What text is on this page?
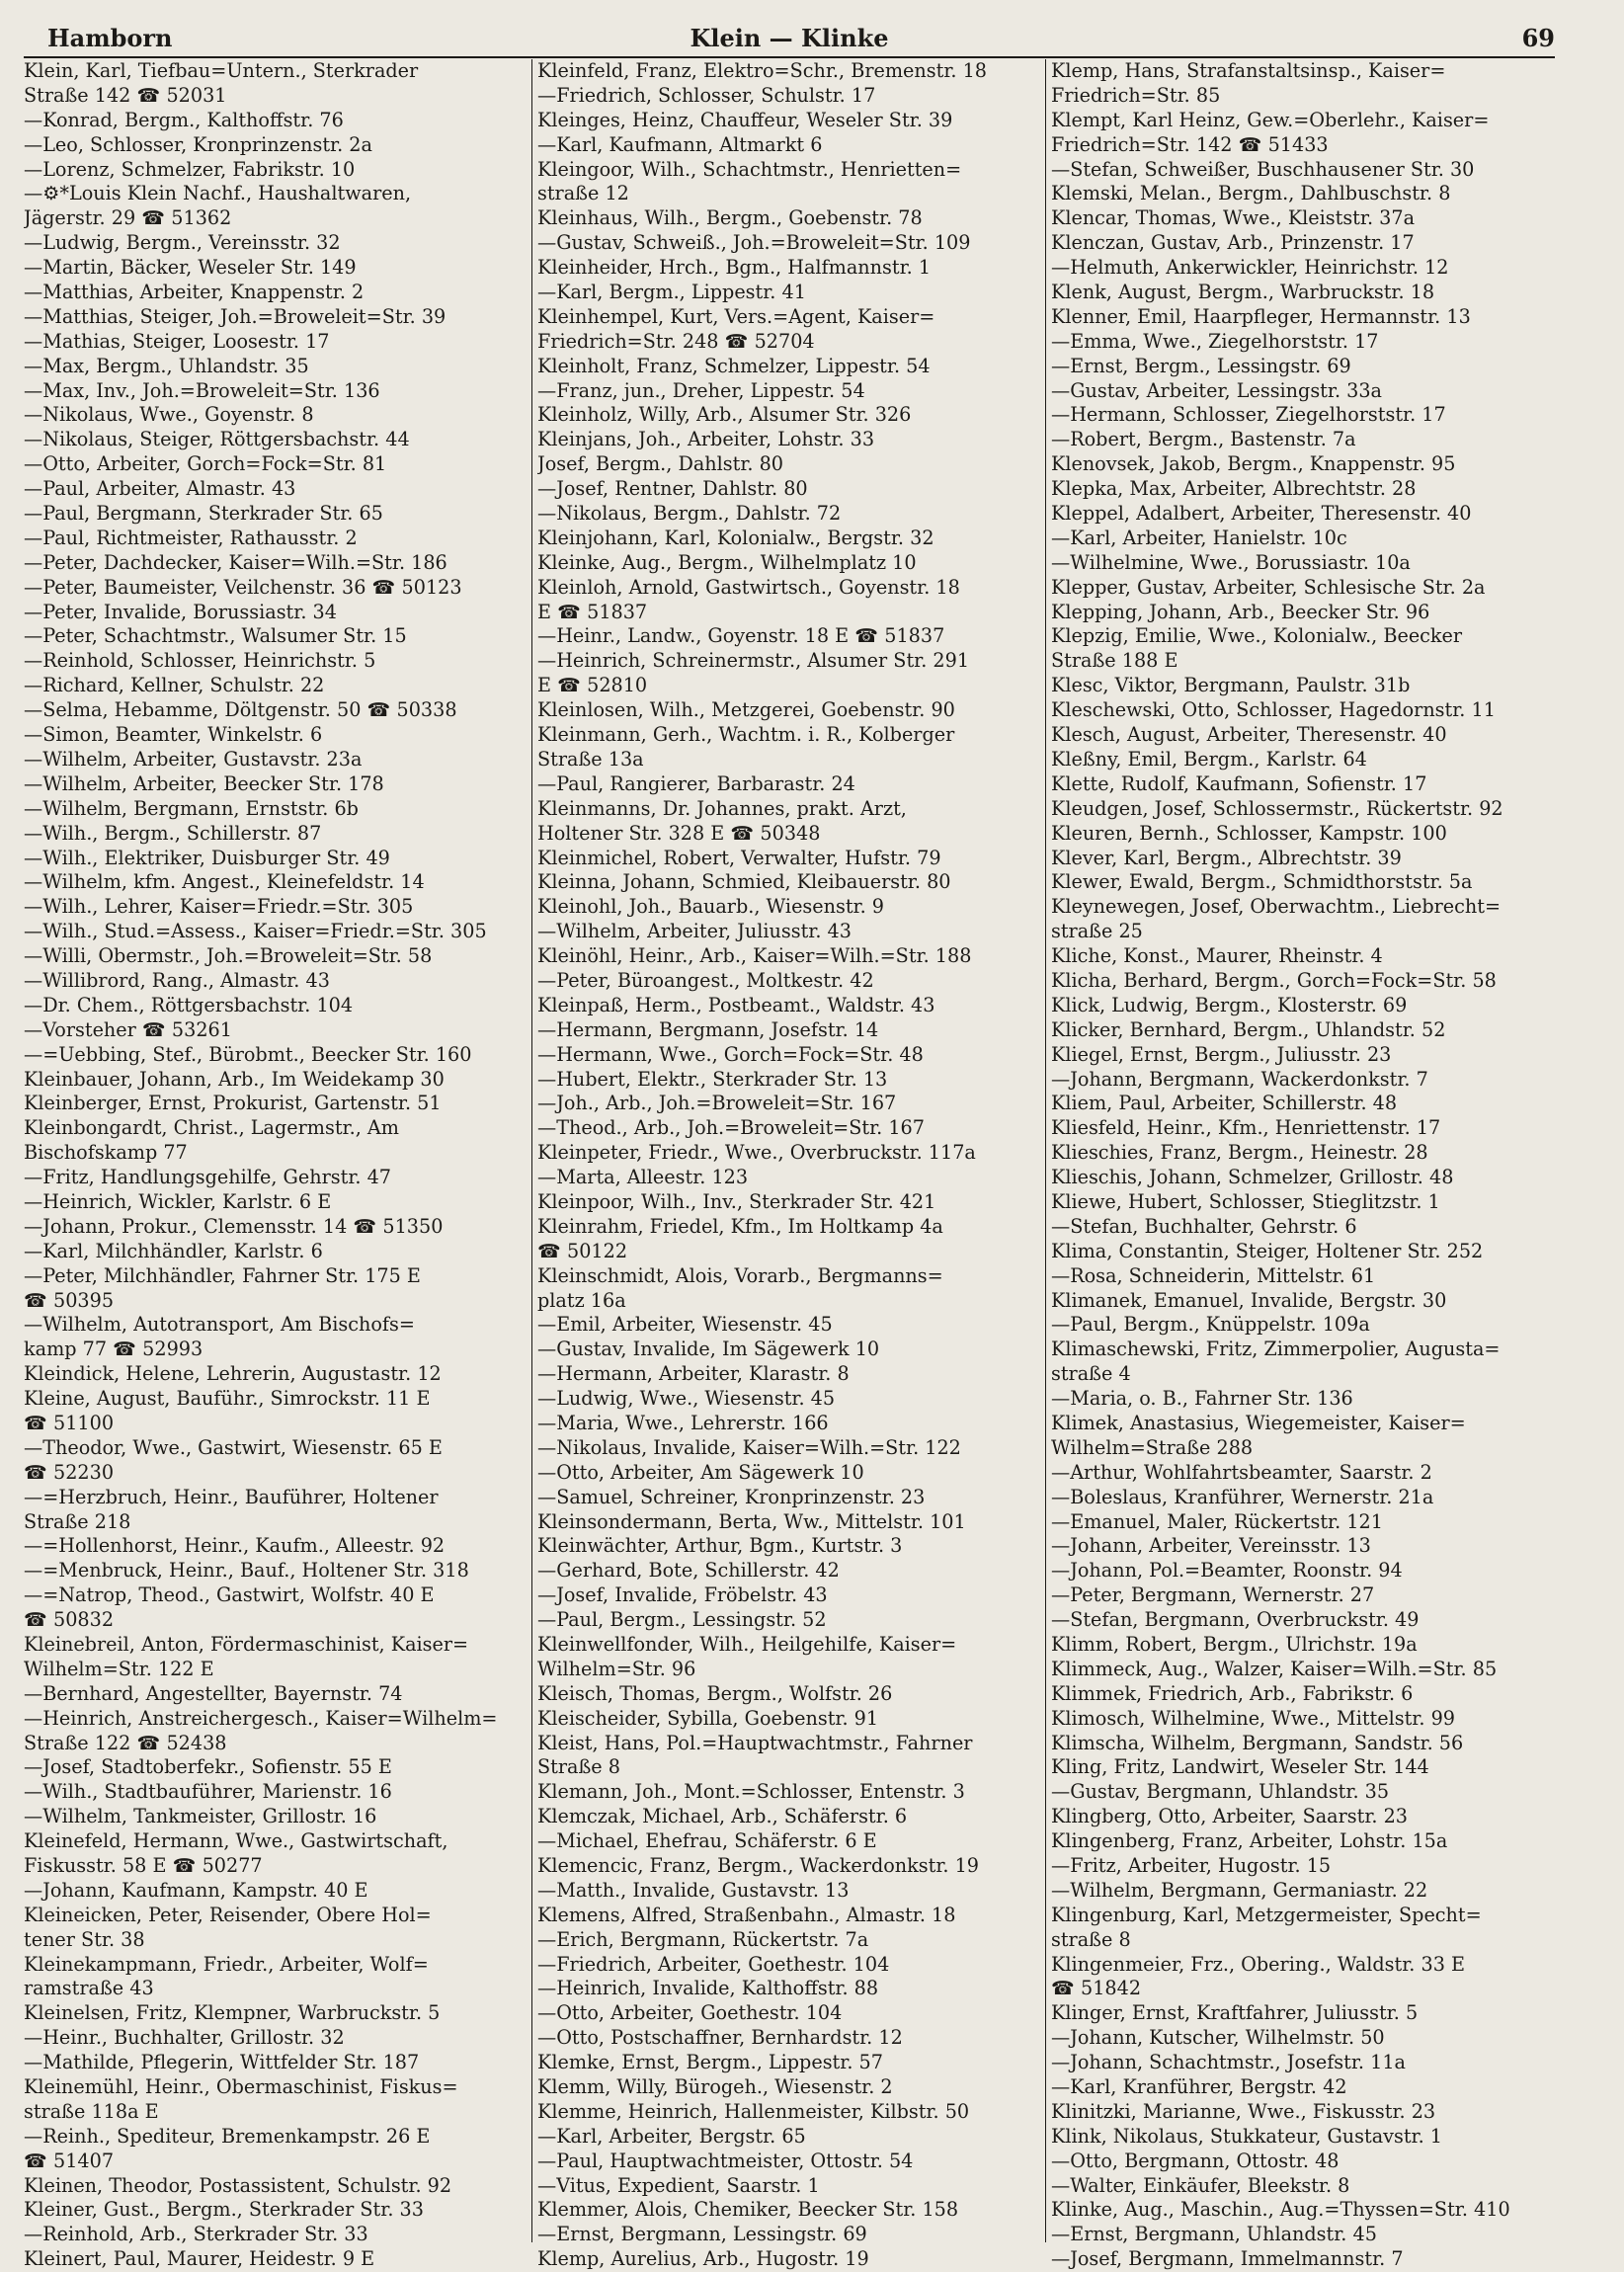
Hamborn	Klein — Klinke	69
Klein, Karl, Tiefbau=Untern., Sterkrader
Straße 142 ☎ 52031
—Konrad, Bergm., Kalthoffstr. 76
—Leo, Schlosser, Kronprinzenstr. 2a
—Lorenz, Schmelzer, Fabrikstr. 10
—⚙*Louis Klein Nachf., Haushaltwaren,
Jägerstr. 29 ☎ 51362
—Ludwig, Bergm., Vereinsstr. 32
—Martin, Bäcker, Weseler Str. 149
—Matthias, Arbeiter, Knappenstr. 2
—Matthias, Steiger, Joh.=Broweleit=Str. 39
—Mathias, Steiger, Loosestr. 17
—Max, Bergm., Uhlandstr. 35
—Max, Inv., Joh.=Broweleit=Str. 136
—Nikolaus, Wwe., Goyenstr. 8
—Nikolaus, Steiger, Röttgersbachstr. 44
—Otto, Arbeiter, Gorch=Fock=Str. 81
—Paul, Arbeiter, Almastr. 43
—Paul, Bergmann, Sterkrader Str. 65
—Paul, Richtmeister, Rathausstr. 2
—Peter, Dachdecker, Kaiser=Wilh.=Str. 186
—Peter, Baumeister, Veilchenstr. 36 ☎ 50123
—Peter, Invalide, Borussiastr. 34
—Peter, Schachtmstr., Walsumer Str. 15
—Reinhold, Schlosser, Heinrichstr. 5
—Richard, Kellner, Schulstr. 22
—Selma, Hebamme, Döltgenstr. 50 ☎ 50338
—Simon, Beamter, Winkelstr. 6
—Wilhelm, Arbeiter, Gustavstr. 23a
—Wilhelm, Arbeiter, Beecker Str. 178
—Wilhelm, Bergmann, Ernststr. 6b
—Wilh., Bergm., Schillerstr. 87
—Wilh., Elektriker, Duisburger Str. 49
—Wilhelm, kfm. Angest., Kleinefeldstr. 14
—Wilh., Lehrer, Kaiser=Friedr.=Str. 305
—Wilh., Stud.=Assess., Kaiser=Friedr.=Str. 305
—Willi, Obermstr., Joh.=Broweleit=Str. 58
—Willibrord, Rang., Almastr. 43
—Dr. Chem., Röttgersbachstr. 104
—Vorsteher ☎ 53261
—=Uebbing, Stef., Bürobmt., Beecker Str. 160
Kleinbauer, Johann, Arb., Im Weidekamp 30
Kleinberger, Ernst, Prokurist, Gartenstr. 51
Kleinbongardt, Christ., Lagermstr., Am
Bischofskamp 77
—Fritz, Handlungsgehilfe, Gehrstr. 47
—Heinrich, Wickler, Karlstr. 6 E
—Johann, Prokur., Clemensstr. 14 ☎ 51350
—Karl, Milchhändler, Karlstr. 6
—Peter, Milchhändler, Fahrner Str. 175 E
☎ 50395
—Wilhelm, Autotransport, Am Bischofs=
kamp 77 ☎ 52993
Kleindick, Helene, Lehrerin, Augustastr. 12
Kleine, August, Bauführ., Simrockstr. 11 E
☎ 51100
—Theodor, Wwe., Gastwirt, Wiesenstr. 65 E
☎ 52230
—=Herzbruch, Heinr., Bauführer, Holtener
Straße 218
—=Hollenhorst, Heinr., Kaufm., Alleestr. 92
—=Menbruck, Heinr., Bauf., Holtener Str. 318
—=Natrop, Theod., Gastwirt, Wolfstr. 40 E
☎ 50832
Kleinebreil, Anton, Fördermaschinist, Kaiser=
Wilhelm=Str. 122 E
—Bernhard, Angestellter, Bayernstr. 74
—Heinrich, Anstreichergesch., Kaiser=Wilhelm=
Straße 122 ☎ 52438
—Josef, Stadtoberfekr., Sofienstr. 55 E
—Wilh., Stadtbauführer, Marienstr. 16
—Wilhelm, Tankmeister, Grillostr. 16
Kleinefeld, Hermann, Wwe., Gastwirtschaft,
Fiskusstr. 58 E ☎ 50277
—Johann, Kaufmann, Kampstr. 40 E
Kleineicken, Peter, Reisender, Obere Hol=
tener Str. 38
Kleinekampmann, Friedr., Arbeiter, Wolf=
ramstraße 43
Kleinelsen, Fritz, Klempner, Warbruckstr. 5
—Heinr., Buchhalter, Grillostr. 32
—Mathilde, Pflegerin, Wittfelder Str. 187
Kleinemühl, Heinr., Obermaschinist, Fiskus=
straße 118a E
—Reinh., Spediteur, Bremenkampstr. 26 E
☎ 51407
Kleinen, Theodor, Postassistent, Schulstr. 92
Kleiner, Gust., Bergm., Sterkrader Str. 33
—Reinhold, Arb., Sterkrader Str. 33
Kleinert, Paul, Maurer, Heidestr. 9 E
Kleinfeld, Franz, Elektro=Schr., Bremenstr. 18
—Friedrich, Schlosser, Schulstr. 17
Kleinges, Heinz, Chauffeur, Weseler Str. 39
—Karl, Kaufmann, Altmarkt 6
Kleingoor, Wilh., Schachtmstr., Henrietten=
straße 12
Kleinhaus, Wilh., Bergm., Goebenstr. 78
—Gustav, Schweiß., Joh.=Broweleit=Str. 109
Kleinheider, Hrch., Bgm., Halfmannstr. 1
—Karl, Bergm., Lippestr. 41
Kleinhempel, Kurt, Vers.=Agent, Kaiser=
Friedrich=Str. 248 ☎ 52704
Kleinholt, Franz, Schmelzer, Lippestr. 54
—Franz, jun., Dreher, Lippestr. 54
Kleinholz, Willy, Arb., Alsumer Str. 326
Kleinjans, Joh., Arbeiter, Lohstr. 33
Josef, Bergm., Dahlstr. 80
—Josef, Rentner, Dahlstr. 80
—Nikolaus, Bergm., Dahlstr. 72
Kleinjohann, Karl, Kolonialw., Bergstr. 32
Kleinke, Aug., Bergm., Wilhelmplatz 10
Kleinloh, Arnold, Gastwirtsch., Goyenstr. 18
E ☎ 51837
—Heinr., Landw., Goyenstr. 18 E ☎ 51837
—Heinrich, Schreinermstr., Alsumer Str. 291
E ☎ 52810
Kleinlosen, Wilh., Metzgerei, Goebenstr. 90
Kleinmann, Gerh., Wachtm. i. R., Kolberger
Straße 13a
—Paul, Rangierer, Barbarastr. 24
Kleinmanns, Dr. Johannes, prakt. Arzt,
Holtener Str. 328 E ☎ 50348
Kleinmichel, Robert, Verwalter, Hufstr. 79
Kleinna, Johann, Schmied, Kleibauerstr. 80
Kleinohl, Joh., Bauarb., Wiesenstr. 9
—Wilhelm, Arbeiter, Juliusstr. 43
Kleinöhl, Heinr., Arb., Kaiser=Wilh.=Str. 188
—Peter, Büroangest., Moltkestr. 42
Kleinpaß, Herm., Postbeamt., Waldstr. 43
—Hermann, Bergmann, Josefstr. 14
—Hermann, Wwe., Gorch=Fock=Str. 48
—Hubert, Elektr., Sterkrader Str. 13
—Joh., Arb., Joh.=Broweleit=Str. 167
—Theod., Arb., Joh.=Broweleit=Str. 167
Kleinpeter, Friedr., Wwe., Overbruckstr. 117a
—Marta, Alleestr. 123
Kleinpoor, Wilh., Inv., Sterkrader Str. 421
Kleinrahm, Friedel, Kfm., Im Holtkamp 4a
☎ 50122
Kleinschmidt, Alois, Vorarb., Bergmanns=
platz 16a
—Emil, Arbeiter, Wiesenstr. 45
—Gustav, Invalide, Im Sägewerk 10
—Hermann, Arbeiter, Klarastr. 8
—Ludwig, Wwe., Wiesenstr. 45
—Maria, Wwe., Lehrerstr. 166
—Nikolaus, Invalide, Kaiser=Wilh.=Str. 122
—Otto, Arbeiter, Am Sägewerk 10
—Samuel, Schreiner, Kronprinzenstr. 23
Kleinsondermann, Berta, Ww., Mittelstr. 101
Kleinwächter, Arthur, Bgm., Kurtstr. 3
—Gerhard, Bote, Schillerstr. 42
—Josef, Invalide, Fröbelstr. 43
—Paul, Bergm., Lessingstr. 52
Kleinwellfonder, Wilh., Heilgehilfe, Kaiser=
Wilhelm=Str. 96
Kleisch, Thomas, Bergm., Wolfstr. 26
Kleischeider, Sybilla, Goebenstr. 91
Kleist, Hans, Pol.=Hauptwachtmstr., Fahrner
Straße 8
Klemann, Joh., Mont.=Schlosser, Entenstr. 3
Klemczak, Michael, Arb., Schäferstr. 6
—Michael, Ehefrau, Schäferstr. 6 E
Klemencic, Franz, Bergm., Wackerdonkstr. 19
—Matth., Invalide, Gustavstr. 13
Klemens, Alfred, Straßenbahn., Almastr. 18
—Erich, Bergmann, Rückertstr. 7a
—Friedrich, Arbeiter, Goethestr. 104
—Heinrich, Invalide, Kalthoffstr. 88
—Otto, Arbeiter, Goethestr. 104
—Otto, Postschaffner, Bernhardstr. 12
Klemke, Ernst, Bergm., Lippestr. 57
Klemm, Willy, Bürogeh., Wiesenstr. 2
Klemme, Heinrich, Hallenmeister, Kilbstr. 50
—Karl, Arbeiter, Bergstr. 65
—Paul, Hauptwachtmeister, Ottostr. 54
—Vitus, Expedient, Saarstr. 1
Klemmer, Alois, Chemiker, Beecker Str. 158
—Ernst, Bergmann, Lessingstr. 69
Klemp, Aurelius, Arb., Hugostr. 19
Klemp, Hans, Strafanstaltsinsp., Kaiser=
Friedrich=Str. 85
Klempt, Karl Heinz, Gew.=Oberlehr., Kaiser=
Friedrich=Str. 142 ☎ 51433
—Stefan, Schweißer, Buschhausener Str. 30
Klemski, Melan., Bergm., Dahlbuschstr. 8
Klencar, Thomas, Wwe., Kleiststr. 37a
Klenczan, Gustav, Arb., Prinzenstr. 17
—Helmuth, Ankerwickler, Heinrichstr. 12
Klenk, August, Bergm., Warbruckstr. 18
Klenner, Emil, Haarpfleger, Hermannstr. 13
—Emma, Wwe., Ziegelhorststr. 17
—Ernst, Bergm., Lessingstr. 69
—Gustav, Arbeiter, Lessingstr. 33a
—Hermann, Schlosser, Ziegelhorststr. 17
—Robert, Bergm., Bastenstr. 7a
Klenovsek, Jakob, Bergm., Knappenstr. 95
Klepka, Max, Arbeiter, Albrechtstr. 28
Kleppel, Adalbert, Arbeiter, Theresenstr. 40
—Karl, Arbeiter, Hanielstr. 10c
—Wilhelmine, Wwe., Borussiastr. 10a
Klepper, Gustav, Arbeiter, Schlesische Str. 2a
Klepping, Johann, Arb., Beecker Str. 96
Klepzig, Emilie, Wwe., Kolonialw., Beecker
Straße 188 E
Klesc, Viktor, Bergmann, Paulstr. 31b
Kleschewski, Otto, Schlosser, Hagedornstr. 11
Klesch, August, Arbeiter, Theresenstr. 40
Kleßny, Emil, Bergm., Karlstr. 64
Klette, Rudolf, Kaufmann, Sofienstr. 17
Kleudgen, Josef, Schlossermstr., Rückertstr. 92
Kleuren, Bernh., Schlosser, Kampstr. 100
Klever, Karl, Bergm., Albrechtstr. 39
Klewer, Ewald, Bergm., Schmidthorststr. 5a
Kleynewegen, Josef, Oberwachtm., Liebrecht=
straße 25
Kliche, Konst., Maurer, Rheinstr. 4
Klicha, Berhard, Bergm., Gorch=Fock=Str. 58
Klick, Ludwig, Bergm., Klosterstr. 69
Klicker, Bernhard, Bergm., Uhlandstr. 52
Kliegel, Ernst, Bergm., Juliusstr. 23
—Johann, Bergmann, Wackerdonkstr. 7
Kliem, Paul, Arbeiter, Schillerstr. 48
Kliesfeld, Heinr., Kfm., Henriettenstr. 17
Klieschies, Franz, Bergm., Heinestr. 28
Klieschis, Johann, Schmelzer, Grillostr. 48
Kliewe, Hubert, Schlosser, Stieglitzstr. 1
—Stefan, Buchhalter, Gehrstr. 6
Klima, Constantin, Steiger, Holtener Str. 252
—Rosa, Schneiderin, Mittelstr. 61
Klimanek, Emanuel, Invalide, Bergstr. 30
—Paul, Bergm., Knüppelstr. 109a
Klimaschewski, Fritz, Zimmerpolier, Augusta=
straße 4
—Maria, o. B., Fahrner Str. 136
Klimek, Anastasius, Wiegemeister, Kaiser=
Wilhelm=Straße 288
—Arthur, Wohlfahrtsbeamter, Saarstr. 2
—Boleslaus, Kranführer, Wernerstr. 21a
—Emanuel, Maler, Rückertstr. 121
—Johann, Arbeiter, Vereinsstr. 13
—Johann, Pol.=Beamter, Roonstr. 94
—Peter, Bergmann, Wernerstr. 27
—Stefan, Bergmann, Overbruckstr. 49
Klimm, Robert, Bergm., Ulrichstr. 19a
Klimmeck, Aug., Walzer, Kaiser=Wilh.=Str. 85
Klimmek, Friedrich, Arb., Fabrikstr. 6
Klimosch, Wilhelmine, Wwe., Mittelstr. 99
Klimscha, Wilhelm, Bergmann, Sandstr. 56
Kling, Fritz, Landwirt, Weseler Str. 144
—Gustav, Bergmann, Uhlandstr. 35
Klingberg, Otto, Arbeiter, Saarstr. 23
Klingenberg, Franz, Arbeiter, Lohstr. 15a
—Fritz, Arbeiter, Hugostr. 15
—Wilhelm, Bergmann, Germaniastr. 22
Klingenburg, Karl, Metzgermeister, Specht=
straße 8
Klingenmeier, Frz., Obering., Waldstr. 33 E
☎ 51842
Klinger, Ernst, Kraftfahrer, Juliusstr. 5
—Johann, Kutscher, Wilhelmstr. 50
—Johann, Schachtmstr., Josefstr. 11a
—Karl, Kranführer, Bergstr. 42
Klinitzki, Marianne, Wwe., Fiskusstr. 23
Klink, Nikolaus, Stukkateur, Gustavstr. 1
—Otto, Bergmann, Ottostr. 48
—Walter, Einkäufer, Bleekstr. 8
Klinke, Aug., Maschin., Aug.=Thyssen=Str. 410
—Ernst, Bergmann, Uhlandstr. 45
—Josef, Bergmann, Immelmannstr. 7
